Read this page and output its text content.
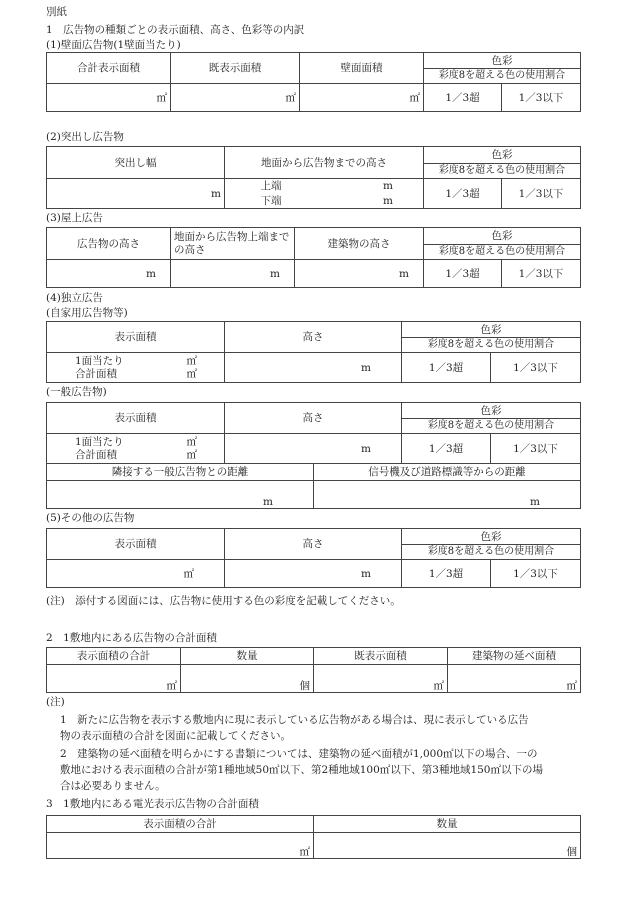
別紙
1　広告物の種類ごとの表示面積、高さ、色彩等の内訳
(1)壁面広告物(1壁面当たり)
合計表示面積	既表示面積	壁面面積	色彩	
			彩度8を超える色の使用割合	
㎡	㎡	㎡	1／3超	1／3以下
(2)突出し広告物
突出し幅	地面から広告物までの高さ		色彩	
			彩度8を超える色の使用割合	
m	上端	m	1／3超	1／3以下
	下端	m		
(3)屋上広告
広告物の高さ	地面から広告物上端までの高さ	建築物の高さ	色彩	
			彩度8を超える色の使用割合	
m	m	m	1／3超	1／3以下
(4)独立広告
(自家用広告物等)
表示面積	高さ	色彩	
		彩度8を超える色の使用割合	

1面当たり ㎡
合計面積 ㎡	m	1／3超	1／3以下
(一般広告物)
表示面積	高さ		色彩	
			彩度8を超える色の使用割合	

1面当たり ㎡
合計面積 ㎡	m		1／3超	1／3以下
隣接する一般広告物との距離		信号機及び道路標識等からの距離		
m		m		
(5)その他の広告物
表示面積	高さ	色彩	
		彩度8を超える色の使用割合	
㎡	m	1／3超	1／3以下
(注)　添付する図面には、広告物に使用する色の彩度を記載してください。
2　1敷地内にある広告物の合計面積
表示面積の合計	数量	既表示面積	建築物の延べ面積
㎡	個	㎡	㎡
(注)
1　新たに広告物を表示する敷地内に現に表示している広告物がある場合は、現に表示している広告
物の表示面積の合計を図面に記載してください。
2　建築物の延べ面積を明らかにする書類については、建築物の延べ面積が1,000㎡以下の場合、一の
敷地における表示面積の合計が第1種地域50㎡以下、第2種地域100㎡以下、第3種地域150㎡以下の場
合は必要ありません。
3　1敷地内にある電光表示広告物の合計面積
表示面積の合計	数量
㎡	個
